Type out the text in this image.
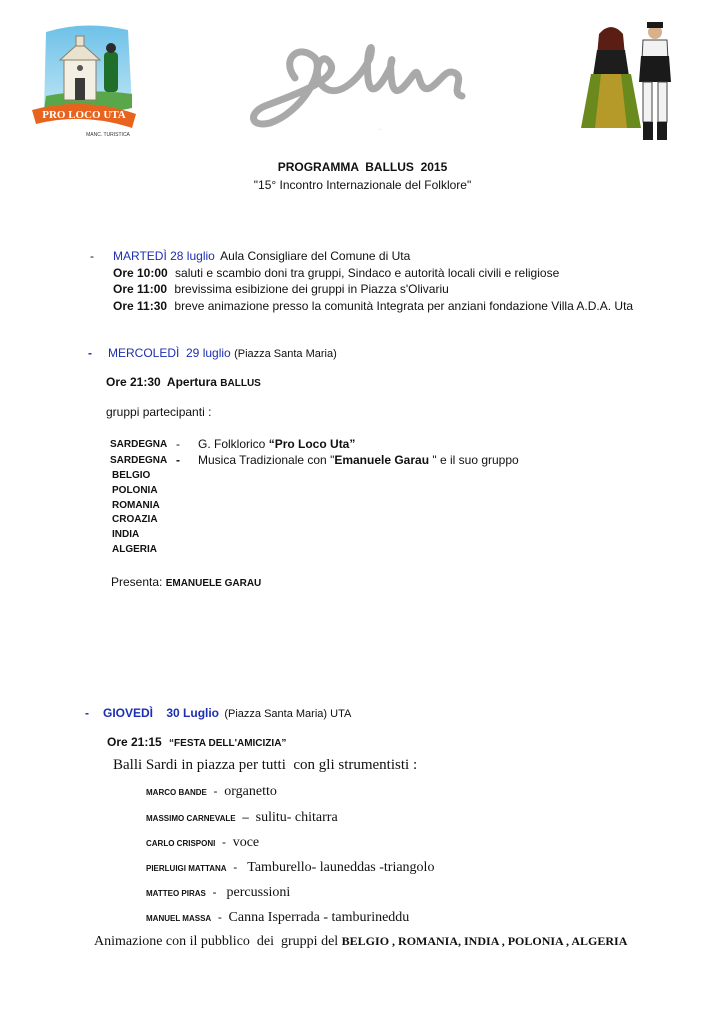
PRO LOCO UTA
MANC. TURISTICA
Ballus
PROGRAMMA  BALLUS  2015
"15° Incontro Internazionale del Folklore"
- MARTEDÌ 28 luglio Aula Consigliare del Comune di Uta
Ore 10:00 saluti e scambio doni tra gruppi, Sindaco e autorità locali civili e religiose
Ore 11:00 brevissima esibizione dei gruppi in Piazza s'Olivariu
Ore 11:30 breve animazione presso la comunità Integrata per anziani fondazione Villa A.D.A. Uta
- MERCOLEDÌ  29 luglio (Piazza Santa Maria)
Ore 21:30  Apertura BALLUS
gruppi partecipanti :
SARDEGNA - G. Folklorico “Pro Loco Uta”
SARDEGNA - Musica Tradizionale con "Emanuele Garau " e il suo gruppo
BELGIO
POLONIA
ROMANIA
CROAZIA
INDIA
ALGERIA
Presenta: EMANUELE GARAU
- GIOVEDÌ    30 Luglio (Piazza Santa Maria) UTA
Ore 21:15 “FESTA DELL'AMICIZIA”
Balli Sardi in piazza per tutti  con gli strumentisti :
MARCO BANDE  -  organetto
MASSIMO CARNEVALE  –  sulitu- chitarra
CARLO CRISPONI  -  voce
PIERLUIGI MATTANA  -   Tamburello- launeddas -triangolo
MATTEO PIRAS  -   percussioni
MANUEL MASSA  -  Canna Isperrada - tamburineddu
Animazione con il pubblico  dei  gruppi del BELGIO , ROMANIA, INDIA , POLONIA , ALGERIA
